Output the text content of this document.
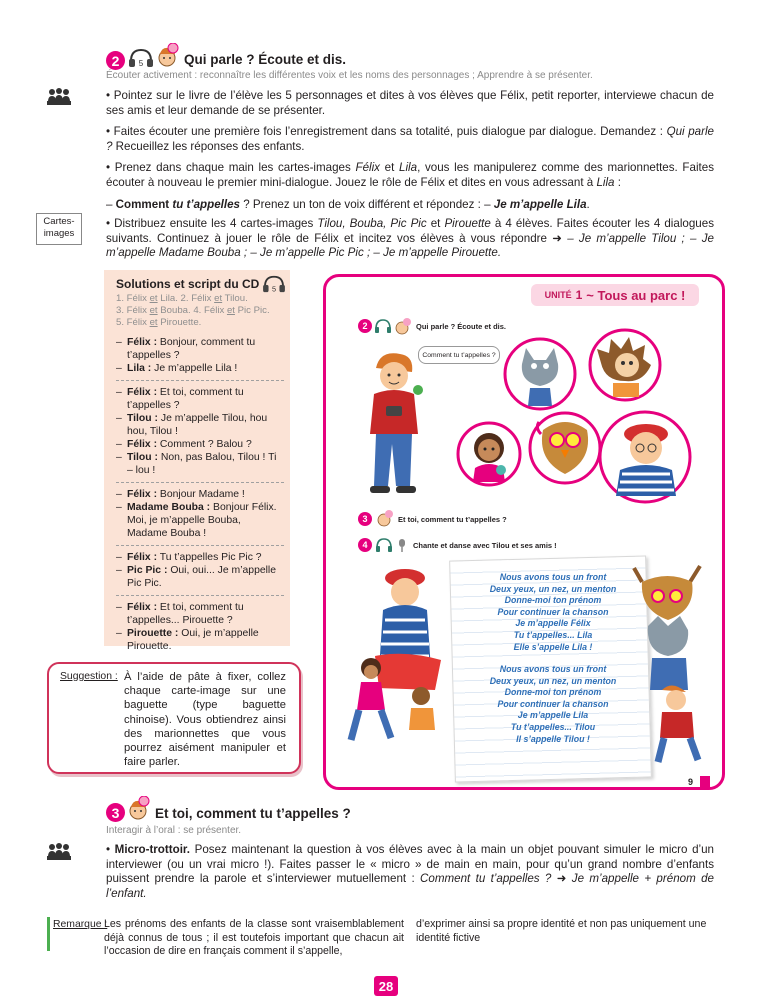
2 5	Qui parle ? Écoute et dis.
Écouter activement : reconnaître les différentes voix et les noms des personnages ; Apprendre à se présenter.
• Pointez sur le livre de l’élève les 5 personnages et dites à vos élèves que Félix, petit reporter, interviewe chacun de ses amis et leur demande de se présenter.
• Faites écouter une première fois l’enregistrement dans sa totalité, puis dialogue par dialogue. Demandez : Qui parle ? Recueillez les réponses des enfants.
• Prenez dans chaque main les cartes-images Félix et Lila, vous les manipulerez comme des marionnettes. Faites écouter à nouveau le premier mini-dialogue. Jouez le rôle de Félix et dites en vous adressant à Lila :
– Comment tu t’appelles ? Prenez un ton de voix différent et répondez : – Je m’appelle Lila.
• Distribuez ensuite les 4 cartes-images Tilou, Bouba, Pic Pic et Pirouette à 4 élèves. Faites écouter les 4 dialogues suivants. Continuez à jouer le rôle de Félix et incitez vos élèves à vous répondre ➜ – Je m’appelle Tilou ; – Je m’appelle Madame Bouba ; – Je m’appelle Pic Pic ; – Je m’appelle Pirouette.
Cartes-
images
Solutions et script du CD 5
1. Félix et Lila. 2. Félix et Tilou.
3. Félix et Bouba. 4. Félix et Pic Pic.
5. Félix et Pirouette.
– Félix : Bonjour, comment tu t’appelles ?
– Lila : Je m’appelle Lila !
– Félix : Et toi, comment tu t’appelles ?
– Tilou : Je m’appelle Tilou, hou hou, Tilou !
– Félix : Comment ? Balou ?
– Tilou : Non, pas Balou, Tilou ! Ti – lou !
– Félix : Bonjour Madame !
– Madame Bouba : Bonjour Félix. Moi, je m’appelle Bouba, Madame Bouba !
– Félix : Tu t’appelles Pic Pic ?
– Pic Pic : Oui, oui... Je m’appelle Pic Pic.
– Félix : Et toi, comment tu t’appelles... Pirouette ?
– Pirouette : Oui, je m’appelle Pirouette.
Suggestion : À l’aide de pâte à fixer, collez chaque carte-image sur une baguette (type baguette chinoise). Vous obtiendrez ainsi des marionnettes que vous pourrez aisément manipuler et faire parler.
UNITÉ 1 ~ Tous au parc !
2	Qui parle ? Écoute et dis.
Comment tu t’appelles ?
3	Et toi, comment tu t’appelles ?
4	Chante et danse avec Tilou et ses amis !
Nous avons tous un front
Deux yeux, un nez, un menton
Donne-moi ton prénom
Pour continuer la chanson
Je m’appelle Félix
Tu t’appelles... Lila
Elle s’appelle Lila !
Nous avons tous un front
Deux yeux, un nez, un menton
Donne-moi ton prénom
Pour continuer la chanson
Je m’appelle Lila
Tu t’appelles... Tilou
Il s’appelle Tilou !
9
3	Et toi, comment tu t’appelles ?
Interagir à l’oral : se présenter.
• Micro-trottoir. Posez maintenant la question à vos élèves avec à la main un objet pouvant simuler le micro d’un interviewer (ou un vrai micro !). Faites passer le « micro » de main en main, pour qu’un grand nombre d’enfants puissent prendre la parole et s’interviewer mutuellement : Comment tu t’appelles ? ➜ Je m’appelle + prénom de l’enfant.
Remarque :
Les prénoms des enfants de la classe sont vraisemblablement déjà connus de tous ; il est toutefois important que chacun ait l’occasion de dire en français comment il s’appelle,
d’exprimer ainsi sa propre identité et non pas uniquement une identité fictive
28
